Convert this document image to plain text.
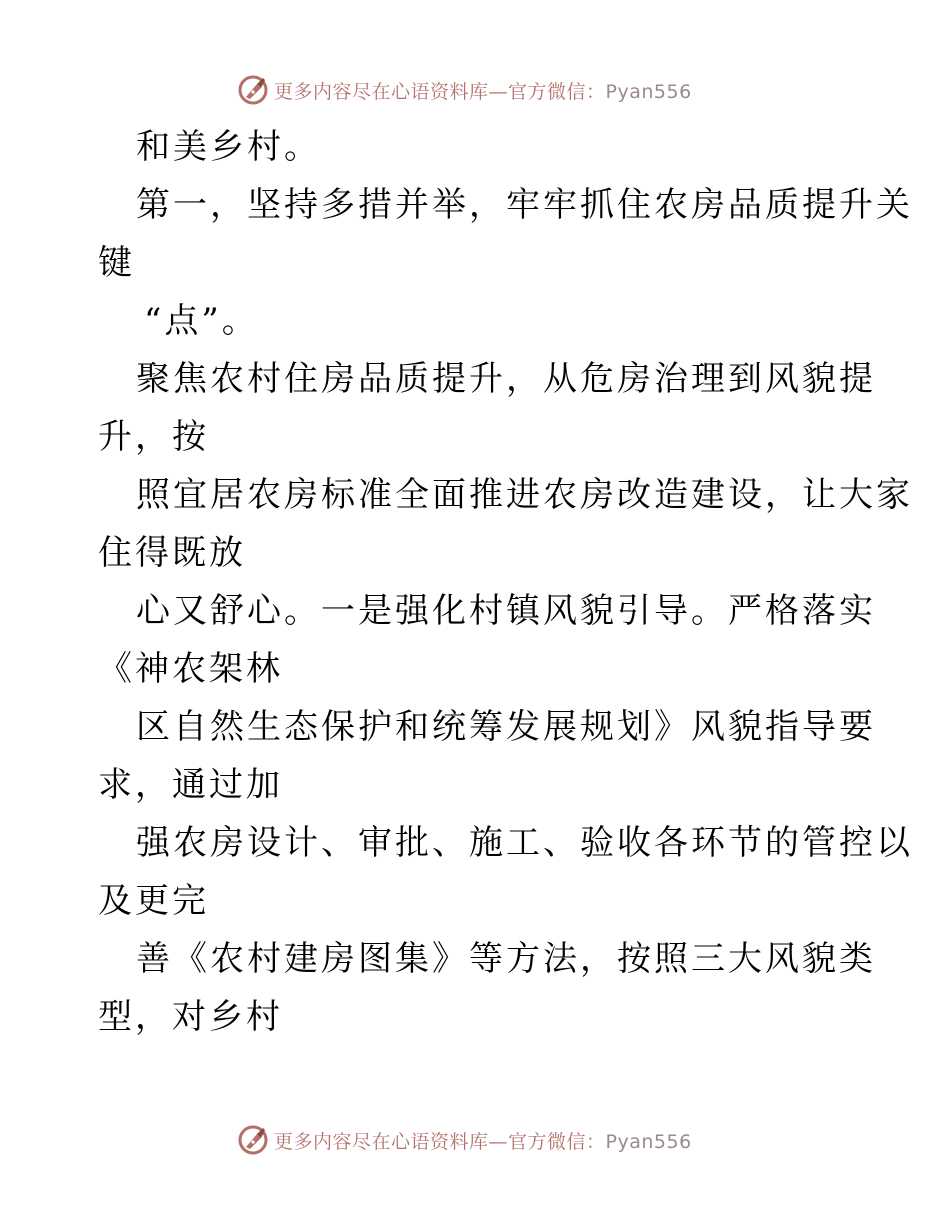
更多内容尽在心语资料库—官方微信：Pyan556
和美乡村。
第一，坚持多措并举，牢牢抓住农房品质提升关
键
“点”。
聚焦农村住房品质提升，从危房治理到风貌提
升，按
照宜居农房标准全面推进农房改造建设，让大家
住得既放
心又舒心。一是强化村镇风貌引导。严格落实
《神农架林
区自然生态保护和统筹发展规划》风貌指导要
求，通过加
强农房设计、审批、施工、验收各环节的管控以
及更完
善《农村建房图集》等方法，按照三大风貌类
型，对乡村
更多内容尽在心语资料库—官方微信：Pyan556
